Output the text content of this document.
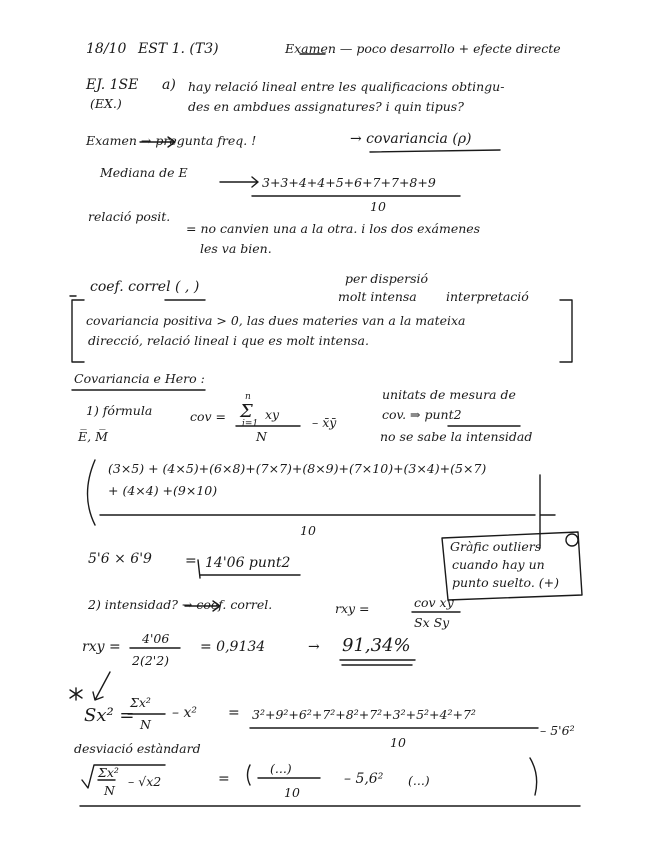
18/10 EST 1. (T3)	Examen — poco desarrollo + efecte directe
EJ. 1SE
(EX.)
a) hay relació lineal entre les qualificacions obtingu-
des en ambdues assignatures? i quin tipus?
Examen → pregunta freq. !	→ covariancia (ρ)
Mediana de E
3+3+4+4+5+6+7+7+8+9
10
relació posit.
= no canvien una a la otra. i los dos exámenes
les va bien.
coef. correl ( , )
per dispersió
molt intensa interpretació
covariancia positiva > 0, las dues materies van a la mateixa
direcció, relació lineal i que es molt intensa.
Covariancia e Hero :
1) fórmula
E̅, M̅
cov = Σ
n
i=1
xy
N
– x̄ȳ
unitats de mesura de
cov. ⇒ punt2
no se sabe la intensidad
(3×5) + (4×5)+(6×8)+(7×7)+(8×9)+(7×10)+(3×4)+(5×7)
+ (4×4) +(9×10)
10
5'6 × 6'9 = 14'06 punt2
Gràfic outliers
cuando hay un
punto suelto. (+)
2) intensidad? → coef. correl.	rxy =	cov xy
Sx Sy
rxy =
4'06
2(2'2)
= 0,9134	→ 91,34%
Sx² =
Σx²
N
– x² = 3²+9²+6²+7²+8²+7²+3²+5²+4²+7²
10
– 5'6²
desviació estàndard
Σx²
N
– √x2	=
(...)
10
– 5,6² (...)
